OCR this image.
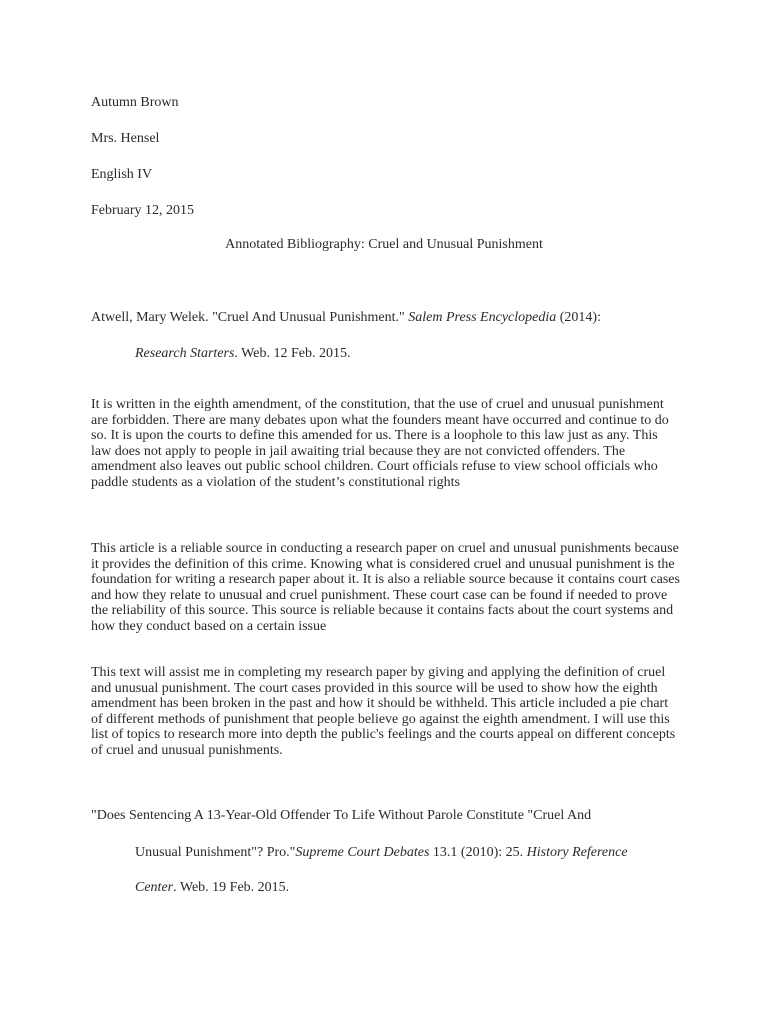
Autumn Brown

Mrs. Hensel

English IV

February 12, 2015

Annotated Bibliography: Cruel and Unusual Punishment
Atwell, Mary Welek. "Cruel And Unusual Punishment." Salem Press Encyclopedia (2014):
Research Starters. Web. 12 Feb. 2015.

It is written in the eighth amendment, of the constitution, that the use of cruel and unusual punishment are forbidden. There are many debates upon what the founders meant have occurred and continue to do so. It is upon the courts to define this amended for us. There is a loophole to this law just as any. This law does not apply to people in jail awaiting trial because they are not convicted offenders. The amendment also leaves out public school children. Court officials refuse to view school officials who paddle students as a violation of the student’s constitutional rights

This article is a reliable source in conducting a research paper on cruel and unusual punishments because it provides the definition of this crime. Knowing what is considered cruel and unusual punishment is the foundation for writing a research paper about it. It is also a reliable source because it contains court cases and how they relate to unusual and cruel punishment. These court case can be found if needed to prove the reliability of this source. This source is reliable because it contains facts about the court systems and how they conduct based on a certain issue

This text will assist me in completing my research paper by giving and applying the definition of cruel and unusual punishment. The court cases provided in this source will be used to show how the eighth amendment has been broken in the past and how it should be withheld. This article included a pie chart of different methods of punishment that people believe go against the eighth amendment. I will use this list of topics to research more into depth the public's feelings and the courts appeal on different concepts of cruel and unusual punishments.

"Does Sentencing A 13-Year-Old Offender To Life Without Parole Constitute "Cruel And
Unusual Punishment"? Pro."Supreme Court Debates 13.1 (2010): 25. History Reference
Center. Web. 19 Feb. 2015.
